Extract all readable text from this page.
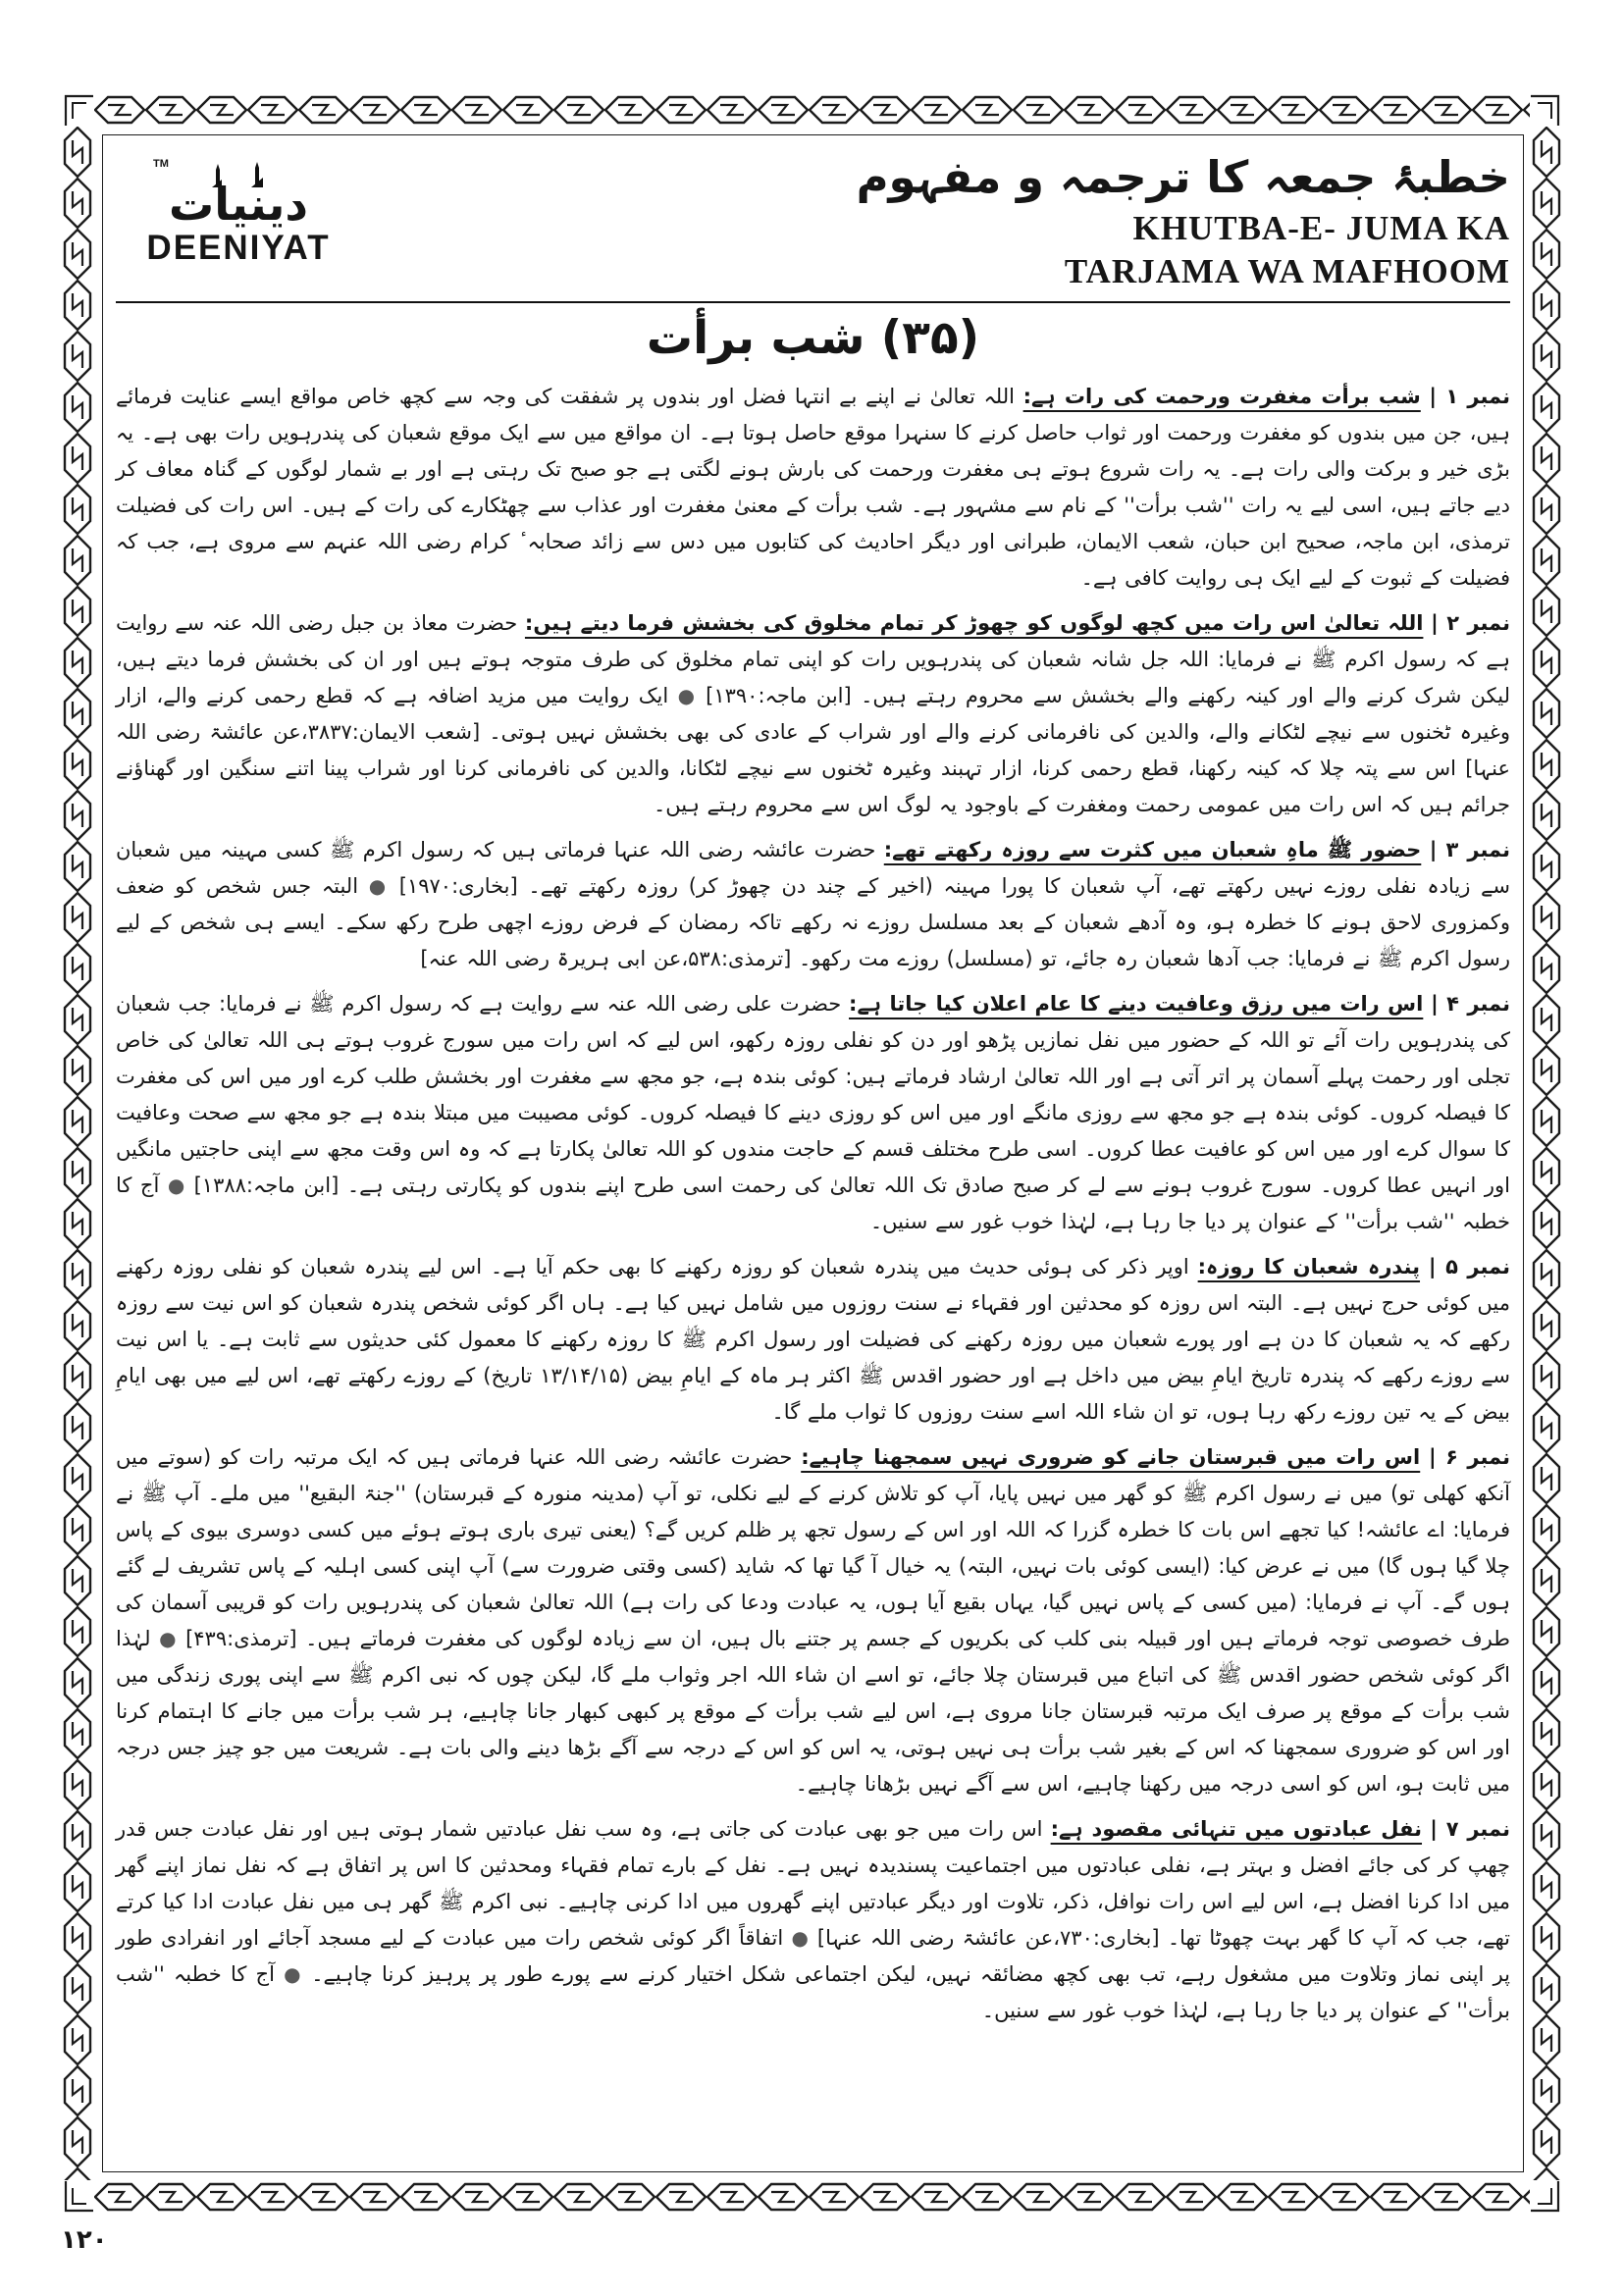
دينيات
TM
DEENIYAT
خطبۂ جمعہ کا ترجمہ و مفہوم
KHUTBA-E- JUMA KA
TARJAMA WA MAFHOOM
(۳۵) شب برأت

نمبر ۱ | شب برأت مغفرت ورحمت کی رات ہے: اللہ تعالیٰ نے اپنے بے انتہا فضل اور بندوں پر شفقت کی وجہ سے کچھ خاص مواقع ایسے عنایت فرمائے ہیں، جن میں بندوں کو مغفرت ورحمت اور ثواب حاصل کرنے کا سنہرا موقع حاصل ہوتا ہے۔ ان مواقع میں سے ایک موقع شعبان کی پندرہویں رات بھی ہے۔ یہ بڑی خیر و برکت والی رات ہے۔ یہ رات شروع ہوتے ہی مغفرت ورحمت کی بارش ہونے لگتی ہے جو صبح تک رہتی ہے اور بے شمار لوگوں کے گناہ معاف کر دیے جاتے ہیں، اسی لیے یہ رات ''شب برأت'' کے نام سے مشہور ہے۔ شب برأت کے معنیٰ مغفرت اور عذاب سے چھٹکارے کی رات کے ہیں۔ اس رات کی فضیلت ترمذی، ابن ماجہ، صحیح ابن حبان، شعب الایمان، طبرانی اور دیگر احادیث کی کتابوں میں دس سے زائد صحابہ ٔ کرام رضی اللہ عنہم سے مروی ہے، جب کہ فضیلت کے ثبوت کے لیے ایک ہی روایت کافی ہے۔

نمبر ۲ | اللہ تعالیٰ اس رات میں کچھ لوگوں کو چھوڑ کر تمام مخلوق کی بخشش فرما دیتے ہیں: حضرت معاذ بن جبل رضی اللہ عنہ سے روایت ہے کہ رسول اکرم ﷺ نے فرمایا: اللہ جل شانہ شعبان کی پندرہویں رات کو اپنی تمام مخلوق کی طرف متوجہ ہوتے ہیں اور ان کی بخشش فرما دیتے ہیں، لیکن شرک کرنے والے اور کینہ رکھنے والے بخشش سے محروم رہتے ہیں۔ [ابن ماجہ:۱۳۹۰] ● ایک روایت میں مزید اضافہ ہے کہ قطع رحمی کرنے والے، ازار وغیرہ ٹخنوں سے نیچے لٹکانے والے، والدین کی نافرمانی کرنے والے اور شراب کے عادی کی بھی بخشش نہیں ہوتی۔ [شعب الایمان:۳۸۳۷،عن عائشۃ رضی اللہ عنہا] اس سے پتہ چلا کہ کینہ رکھنا، قطع رحمی کرنا، ازار تہبند وغیرہ ٹخنوں سے نیچے لٹکانا، والدین کی نافرمانی کرنا اور شراب پینا اتنے سنگین اور گھناؤنے جرائم ہیں کہ اس رات میں عمومی رحمت ومغفرت کے باوجود یہ لوگ اس سے محروم رہتے ہیں۔

نمبر ۳ | حضور ﷺ ماہِ شعبان میں کثرت سے روزہ رکھتے تھے: حضرت عائشہ رضی اللہ عنہا فرماتی ہیں کہ رسول اکرم ﷺ کسی مہینہ میں شعبان سے زیادہ نفلی روزے نہیں رکھتے تھے، آپ شعبان کا پورا مہینہ (اخیر کے چند دن چھوڑ کر) روزہ رکھتے تھے۔ [بخاری:۱۹۷۰] ● البتہ جس شخص کو ضعف وکمزوری لاحق ہونے کا خطرہ ہو، وہ آدھے شعبان کے بعد مسلسل روزے نہ رکھے تاکہ رمضان کے فرض روزے اچھی طرح رکھ سکے۔ ایسے ہی شخص کے لیے رسول اکرم ﷺ نے فرمایا: جب آدھا شعبان رہ جائے، تو (مسلسل) روزے مت رکھو۔ [ترمذی:۵۳۸،عن ابی ہریرۃ رضی اللہ عنہ]

نمبر ۴ | اس رات میں رزق وعافیت دینے کا عام اعلان کیا جاتا ہے: حضرت علی رضی اللہ عنہ سے روایت ہے کہ رسول اکرم ﷺ نے فرمایا: جب شعبان کی پندرہویں رات آئے تو اللہ کے حضور میں نفل نمازیں پڑھو اور دن کو نفلی روزہ رکھو، اس لیے کہ اس رات میں سورج غروب ہوتے ہی اللہ تعالیٰ کی خاص تجلی اور رحمت پہلے آسمان پر اتر آتی ہے اور اللہ تعالیٰ ارشاد فرماتے ہیں: کوئی بندہ ہے، جو مجھ سے مغفرت اور بخشش طلب کرے اور میں اس کی مغفرت کا فیصلہ کروں۔ کوئی بندہ ہے جو مجھ سے روزی مانگے اور میں اس کو روزی دینے کا فیصلہ کروں۔ کوئی مصیبت میں مبتلا بندہ ہے جو مجھ سے صحت وعافیت کا سوال کرے اور میں اس کو عافیت عطا کروں۔ اسی طرح مختلف قسم کے حاجت مندوں کو اللہ تعالیٰ پکارتا ہے کہ وہ اس وقت مجھ سے اپنی حاجتیں مانگیں اور انہیں عطا کروں۔ سورج غروب ہونے سے لے کر صبح صادق تک اللہ تعالیٰ کی رحمت اسی طرح اپنے بندوں کو پکارتی رہتی ہے۔ [ابن ماجہ:۱۳۸۸] ● آج کا خطبہ ''شب برأت'' کے عنوان پر دیا جا رہا ہے، لہٰذا خوب غور سے سنیں۔

نمبر ۵ | پندرہ شعبان کا روزہ: اوپر ذکر کی ہوئی حدیث میں پندرہ شعبان کو روزہ رکھنے کا بھی حکم آیا ہے۔ اس لیے پندرہ شعبان کو نفلی روزہ رکھنے میں کوئی حرج نہیں ہے۔ البتہ اس روزہ کو محدثین اور فقہاء نے سنت روزوں میں شامل نہیں کیا ہے۔ ہاں اگر کوئی شخص پندرہ شعبان کو اس نیت سے روزہ رکھے کہ یہ شعبان کا دن ہے اور پورے شعبان میں روزہ رکھنے کی فضیلت اور رسول اکرم ﷺ کا روزہ رکھنے کا معمول کئی حدیثوں سے ثابت ہے۔ یا اس نیت سے روزے رکھے کہ پندرہ تاریخ ایامِ بیض میں داخل ہے اور حضور اقدس ﷺ اکثر ہر ماہ کے ایامِ بیض (۱۳/۱۴/۱۵ تاریخ) کے روزے رکھتے تھے، اس لیے میں بھی ایامِ بیض کے یہ تین روزے رکھ رہا ہوں، تو ان شاء اللہ اسے سنت روزوں کا ثواب ملے گا۔

نمبر ۶ | اس رات میں قبرستان جانے کو ضروری نہیں سمجھنا چاہیے: حضرت عائشہ رضی اللہ عنہا فرماتی ہیں کہ ایک مرتبہ رات کو (سوتے میں آنکھ کھلی تو) میں نے رسول اکرم ﷺ کو گھر میں نہیں پایا، آپ کو تلاش کرنے کے لیے نکلی، تو آپ (مدینہ منورہ کے قبرستان) ''جنۃ البقیع'' میں ملے۔ آپ ﷺ نے فرمایا: اے عائشہ! کیا تجھے اس بات کا خطرہ گزرا کہ اللہ اور اس کے رسول تجھ پر ظلم کریں گے؟ (یعنی تیری باری ہوتے ہوئے میں کسی دوسری بیوی کے پاس چلا گیا ہوں گا) میں نے عرض کیا: (ایسی کوئی بات نہیں، البتہ) یہ خیال آ گیا تھا کہ شاید (کسی وقتی ضرورت سے) آپ اپنی کسی اہلیہ کے پاس تشریف لے گئے ہوں گے۔ آپ نے فرمایا: (میں کسی کے پاس نہیں گیا، یہاں بقیع آیا ہوں، یہ عبادت ودعا کی رات ہے) اللہ تعالیٰ شعبان کی پندرہویں رات کو قریبی آسمان کی طرف خصوصی توجہ فرماتے ہیں اور قبیلہ بنی کلب کی بکریوں کے جسم پر جتنے بال ہیں، ان سے زیادہ لوگوں کی مغفرت فرماتے ہیں۔ [ترمذی:۴۳۹] ● لہٰذا اگر کوئی شخص حضور اقدس ﷺ کی اتباع میں قبرستان چلا جائے، تو اسے ان شاء اللہ اجر وثواب ملے گا، لیکن چوں کہ نبی اکرم ﷺ سے اپنی پوری زندگی میں شب برأت کے موقع پر صرف ایک مرتبہ قبرستان جانا مروی ہے، اس لیے شب برأت کے موقع پر کبھی کبھار جانا چاہیے، ہر شب برأت میں جانے کا اہتمام کرنا اور اس کو ضروری سمجھنا کہ اس کے بغیر شب برأت ہی نہیں ہوتی، یہ اس کو اس کے درجہ سے آگے بڑھا دینے والی بات ہے۔ شریعت میں جو چیز جس درجہ میں ثابت ہو، اس کو اسی درجہ میں رکھنا چاہیے، اس سے آگے نہیں بڑھانا چاہیے۔

نمبر ۷ | نفل عبادتوں میں تنہائی مقصود ہے: اس رات میں جو بھی عبادت کی جاتی ہے، وہ سب نفل عبادتیں شمار ہوتی ہیں اور نفل عبادت جس قدر چھپ کر کی جائے افضل و بہتر ہے، نفلی عبادتوں میں اجتماعیت پسندیدہ نہیں ہے۔ نفل کے بارے تمام فقہاء ومحدثین کا اس پر اتفاق ہے کہ نفل نماز اپنے گھر میں ادا کرنا افضل ہے، اس لیے اس رات نوافل، ذکر، تلاوت اور دیگر عبادتیں اپنے گھروں میں ادا کرنی چاہیے۔ نبی اکرم ﷺ گھر ہی میں نفل عبادت ادا کیا کرتے تھے، جب کہ آپ کا گھر بہت چھوٹا تھا۔ [بخاری:۷۳۰،عن عائشۃ رضی اللہ عنہا] ● اتفاقاً اگر کوئی شخص رات میں عبادت کے لیے مسجد آجائے اور انفرادی طور پر اپنی نماز وتلاوت میں مشغول رہے، تب بھی کچھ مضائقہ نہیں، لیکن اجتماعی شکل اختیار کرنے سے پورے طور پر پرہیز کرنا چاہیے۔ ● آج کا خطبہ ''شب برأت'' کے عنوان پر دیا جا رہا ہے، لہٰذا خوب غور سے سنیں۔

۱۲۰
